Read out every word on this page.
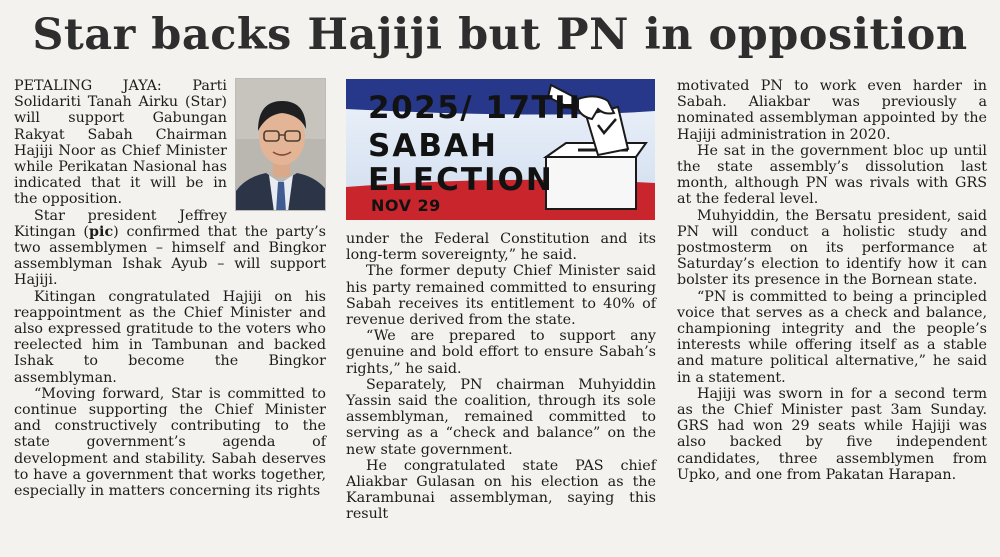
Star backs Hajiji but PN in opposition

PETALING JAYA: Parti Solidariti Tanah Airku (Star) will support Gabungan Rakyat Sabah Chairman Hajiji Noor as Chief Minister while Perikatan Nasional has indicated that it will be in the opposition.

Star president Jeffrey Kitingan (pic) confirmed that the party’s two assemblymen – himself and Bingkor assemblyman Ishak Ayub – will support Hajiji.

Kitingan congratulated Hajiji on his reappointment as the Chief Minister and also expressed gratitude to the voters who reelected him in Tambunan and backed Ishak to become the Bingkor assemblyman.

“Moving forward, Star is committed to continue supporting the Chief Minister and constructively contributing to the state government’s agenda of development and stability. Sabah deserves to have a government that works together, especially in matters concerning its rights

2025/ 17TH
SABAH
ELECTION
NOV 29

under the Federal Constitution and its long-term sovereignty,” he said.

The former deputy Chief Minister said his party remained committed to ensuring Sabah receives its entitlement to 40% of revenue derived from the state.

“We are prepared to support any genuine and bold effort to ensure Sabah’s rights,” he said.

Separately, PN chairman Muhyiddin Yassin said the coalition, through its sole assemblyman, remained committed to serving as a “check and balance” on the new state government.

He congratulated state PAS chief Aliakbar Gulasan on his election as the Karambunai assemblyman, saying this result

motivated PN to work even harder in Sabah. Aliakbar was previously a nominated assemblyman appointed by the Hajiji administration in 2020.

He sat in the government bloc up until the state assembly’s dissolution last month, although PN was rivals with GRS at the federal level.

Muhyiddin, the Bersatu president, said PN will conduct a holistic study and postmosterm on its performance at Saturday’s election to identify how it can bolster its presence in the Bornean state.

“PN is committed to being a principled voice that serves as a check and balance, championing integrity and the people’s interests while offering itself as a stable and mature political alternative,” he said in a statement.

Hajiji was sworn in for a second term as the Chief Minister past 3am Sunday. GRS had won 29 seats while Hajiji was also backed by five independent candidates, three assemblymen from Upko, and one from Pakatan Harapan.
